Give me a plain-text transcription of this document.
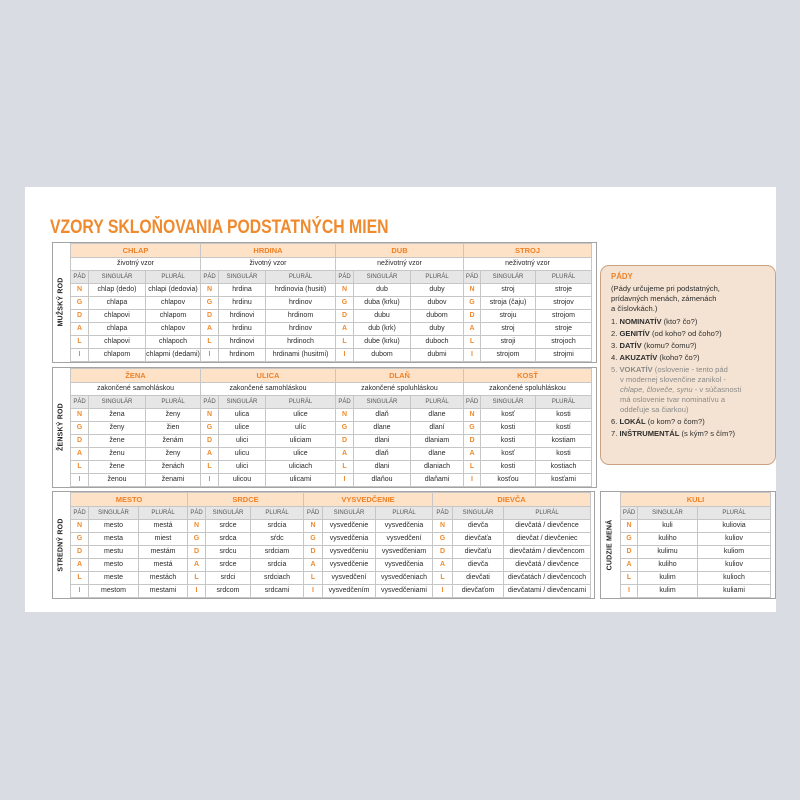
VZORY SKLOŇOVANIA PODSTATNÝCH MIEN
MUŽSKÝ ROD
CHLAP		
životný vzor		
PÁD	SINGULÁR	PLURÁL
N	chlap (dedo)	chlapi (dedovia)
G	chlapa	chlapov
D	chlapovi	chlapom
A	chlapa	chlapov
L	chlapovi	chlapoch
I	chlapom	chlapmi (dedami)
HRDINA		
životný vzor		
PÁD	SINGULÁR	PLURÁL
N	hrdina	hrdinovia (husiti)
G	hrdinu	hrdinov
D	hrdinovi	hrdinom
A	hrdinu	hrdinov
L	hrdinovi	hrdinoch
I	hrdinom	hrdinami (husitmi)
DUB		
neživotný vzor		
PÁD	SINGULÁR	PLURÁL
N	dub	duby
G	duba (krku)	dubov
D	dubu	dubom
A	dub (krk)	duby
L	dube (krku)	duboch
I	dubom	dubmi
STROJ		
neživotný vzor		
PÁD	SINGULÁR	PLURÁL
N	stroj	stroje
G	stroja (čaju)	strojov
D	stroju	strojom
A	stroj	stroje
L	stroji	strojoch
I	strojom	strojmi
ŽENSKÝ ROD
ŽENA		
zakončené samohláskou		
PÁD	SINGULÁR	PLURÁL
N	žena	ženy
G	ženy	žien
D	žene	ženám
A	ženu	ženy
L	žene	ženách
I	ženou	ženami
ULICA		
zakončené samohláskou		
PÁD	SINGULÁR	PLURÁL
N	ulica	ulice
G	ulice	ulíc
D	ulici	uliciam
A	ulicu	ulice
L	ulici	uliciach
I	ulicou	ulicami
DLAŇ		
zakončené spoluhláskou		
PÁD	SINGULÁR	PLURÁL
N	dlaň	dlane
G	dlane	dlaní
D	dlani	dlaniam
A	dlaň	dlane
L	dlani	dlaniach
I	dlaňou	dlaňami
KOSŤ		
zakončené spoluhláskou		
PÁD	SINGULÁR	PLURÁL
N	kosť	kosti
G	kosti	kostí
D	kosti	kostiam
A	kosť	kosti
L	kosti	kostiach
I	kosťou	kosťami
STREDNÝ ROD
MESTO		
PÁD	SINGULÁR	PLURÁL
N	mesto	mestá
G	mesta	miest
D	mestu	mestám
A	mesto	mestá
L	meste	mestách
I	mestom	mestami
SRDCE		
PÁD	SINGULÁR	PLURÁL
N	srdce	srdcia
G	srdca	sŕdc
D	srdcu	srdciam
A	srdce	srdcia
L	srdci	srdciach
I	srdcom	srdcami
VYSVEDČENIE		
PÁD	SINGULÁR	PLURÁL
N	vysvedčenie	vysvedčenia
G	vysvedčenia	vysvedčení
D	vysvedčeniu	vysvedčeniam
A	vysvedčenie	vysvedčenia
L	vysvedčení	vysvedčeniach
I	vysvedčením	vysvedčeniami
DIEVČA		
PÁD	SINGULÁR	PLURÁL
N	dievča	dievčatá / dievčence
G	dievčaťa	dievčat / dievčeniec
D	dievčaťu	dievčatám / dievčencom
A	dievča	dievčatá / dievčence
L	dievčati	dievčatách / dievčencoch
I	dievčaťom	dievčatami / dievčencami
CUDZIE MENÁ
KULI		
PÁD	SINGULÁR	PLURÁL
N	kuli	kuliovia
G	kuliho	kuliov
D	kulimu	kuliom
A	kuliho	kuliov
L	kulim	kulioch
I	kulim	kuliami
PÁDY
(Pády určujeme pri podstatných,
prídavných menách, zámenách
a číslovkách.)
1. NOMINATÍV (kto? čo?)
2. GENITÍV (od koho? od čoho?)
3. DATÍV (komu? čomu?)
4. AKUZATÍV (koho? čo?)
5. VOKATÍV (oslovenie - tento pád
v modernej slovenčine zanikol -
chlape, človeče, synu - v súčasnosti
má oslovenie tvar nominatívu a
oddeľuje sa čiarkou)
6. LOKÁL (o kom? o čom?)
7. INŠTRUMENTÁL (s kým? s čím?)
